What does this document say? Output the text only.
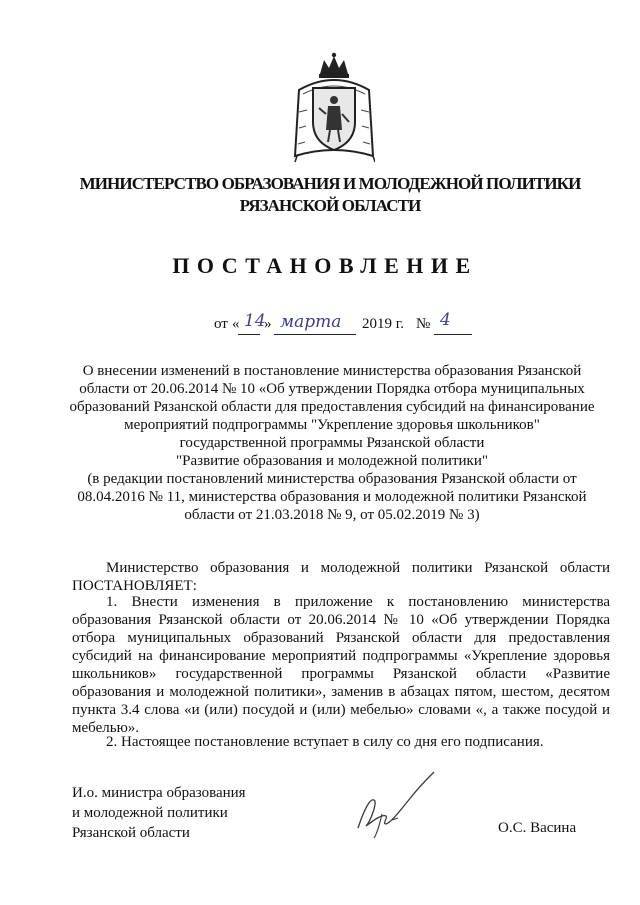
МИНИСТЕРСТВО ОБРАЗОВАНИЯ И МОЛОДЕЖНОЙ ПОЛИТИКИ
РЯЗАНСКОЙ ОБЛАСТИ
ПОСТАНОВЛЕНИЕ
от « 14
» марта 2019 г. № 4
О внесении изменений в постановление министерства образования Рязанской
области от 20.06.2014 № 10 «Об утверждении Порядка отбора муниципальных
образований Рязанской области для предоставления субсидий на финансирование
мероприятий подпрограммы "Укрепление здоровья школьников"
государственной программы Рязанской области
"Развитие образования и молодежной политики"
(в редакции постановлений министерства образования Рязанской области от
08.04.2016 № 11, министерства образования и молодежной политики Рязанской
области от 21.03.2018 № 9, от 05.02.2019 № 3)
Министерство образования и молодежной политики Рязанской области ПОСТАНОВЛЯЕТ:
1. Внести изменения в приложение к постановлению министерства образования Рязанской области от 20.06.2014 № 10 «Об утверждении Порядка отбора муниципальных образований Рязанской области для предоставления субсидий на финансирование мероприятий подпрограммы «Укрепление здоровья школьников» государственной программы Рязанской области «Развитие образования и молодежной политики», заменив в абзацах пятом, шестом, десятом пункта 3.4 слова «и (или) посудой и (или) мебелью» словами «, а также посудой и мебелью».
2. Настоящее постановление вступает в силу со дня его подписания.
И.о. министра образования
и молодежной политики
Рязанской области	О.С. Васина
